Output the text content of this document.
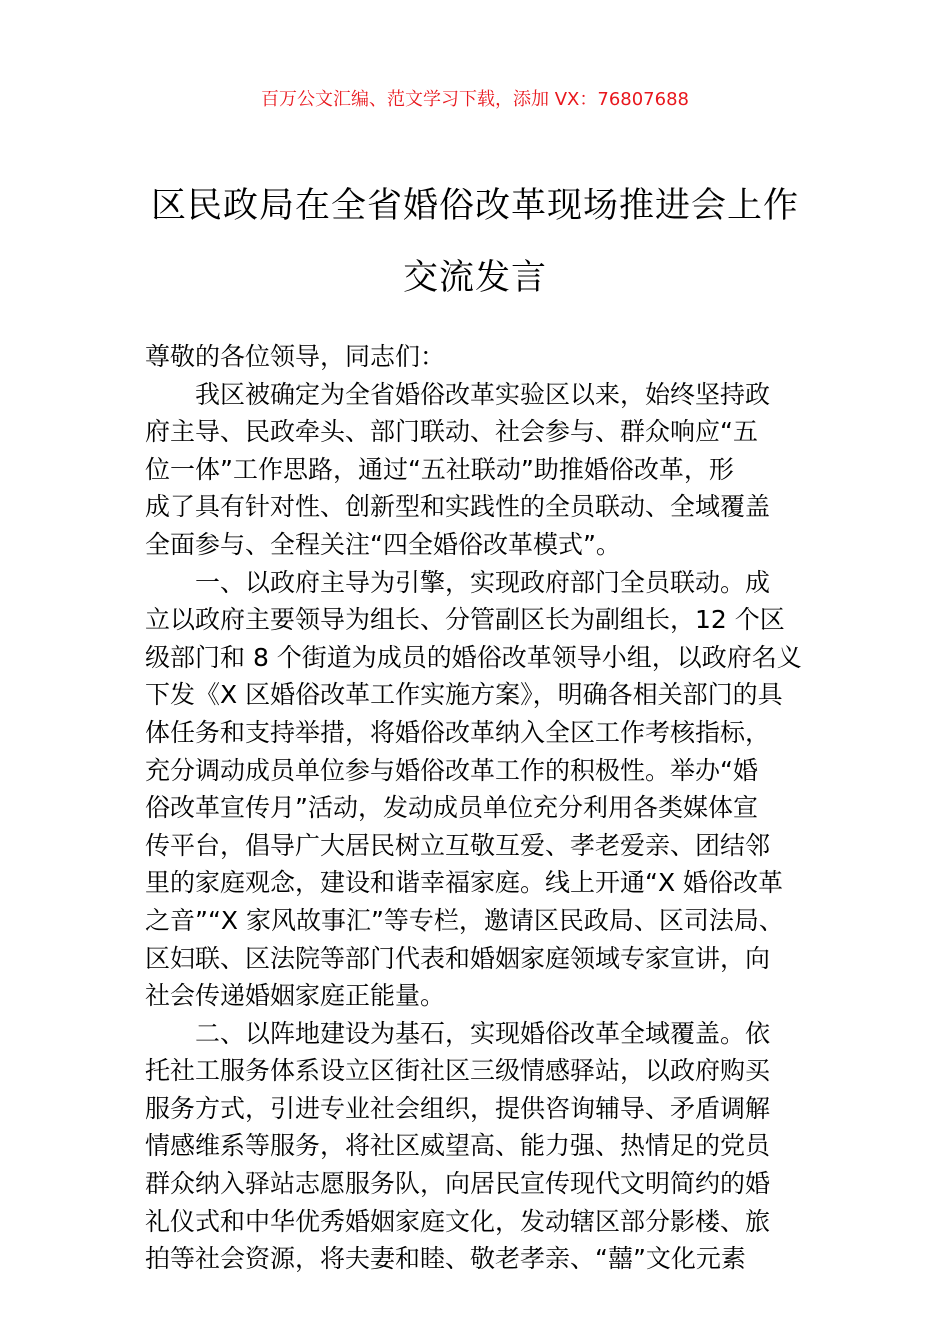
百万公文汇编、范文学习下载，添加 VX：76807688
区民政局在全省婚俗改革现场推进会上作
交流发言
尊敬的各位领导，同志们：
我区被确定为全省婚俗改革实验区以来，始终坚持政
府主导、民政牵头、部门联动、社会参与、群众响应“五
位一体”工作思路，通过“五社联动”助推婚俗改革，形
成了具有针对性、创新型和实践性的全员联动、全域覆盖
全面参与、全程关注“四全婚俗改革模式”。
一、以政府主导为引擎，实现政府部门全员联动。成
立以政府主要领导为组长、分管副区长为副组长，12 个区
级部门和 8 个街道为成员的婚俗改革领导小组，以政府名义
下发《X 区婚俗改革工作实施方案》，明确各相关部门的具
体任务和支持举措，将婚俗改革纳入全区工作考核指标，
充分调动成员单位参与婚俗改革工作的积极性。举办“婚
俗改革宣传月”活动，发动成员单位充分利用各类媒体宣
传平台，倡导广大居民树立互敬互爱、孝老爱亲、团结邻
里的家庭观念，建设和谐幸福家庭。线上开通“X 婚俗改革
之音”“X 家风故事汇”等专栏，邀请区民政局、区司法局、
区妇联、区法院等部门代表和婚姻家庭领域专家宣讲，向
社会传递婚姻家庭正能量。
二、以阵地建设为基石，实现婚俗改革全域覆盖。依
托社工服务体系设立区街社区三级情感驿站，以政府购买
服务方式，引进专业社会组织，提供咨询辅导、矛盾调解
情感维系等服务，将社区威望高、能力强、热情足的党员
群众纳入驿站志愿服务队，向居民宣传现代文明简约的婚
礼仪式和中华优秀婚姻家庭文化，发动辖区部分影楼、旅
拍等社会资源，将夫妻和睦、敬老孝亲、“囍”文化元素
